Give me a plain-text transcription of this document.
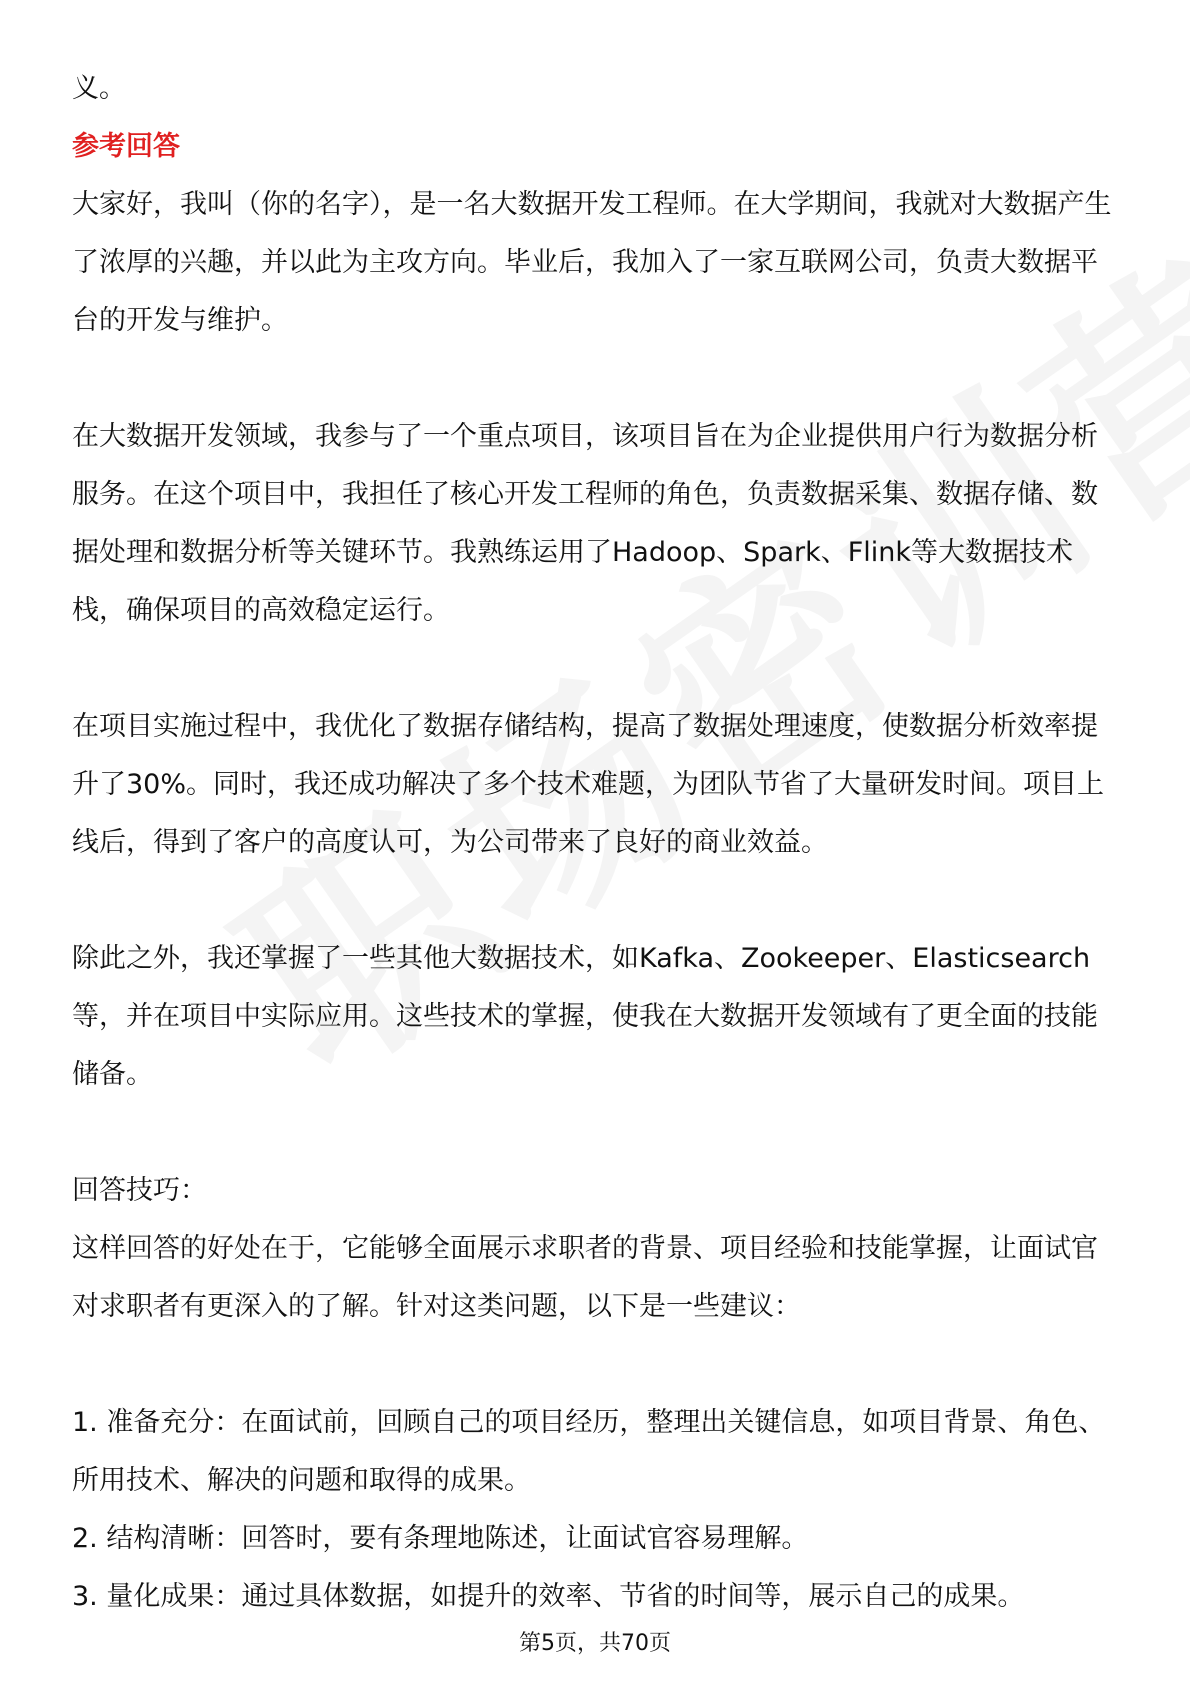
义。

参考回答

大家好，我叫（你的名字），是一名大数据开发工程师。在大学期间，我就对大数据产生了浓厚的兴趣，并以此为主攻方向。毕业后，我加入了一家互联网公司，负责大数据平台的开发与维护。

在大数据开发领域，我参与了一个重点项目，该项目旨在为企业提供用户行为数据分析服务。在这个项目中，我担任了核心开发工程师的角色，负责数据采集、数据存储、数据处理和数据分析等关键环节。我熟练运用了Hadoop、Spark、Flink等大数据技术栈，确保项目的高效稳定运行。

在项目实施过程中，我优化了数据存储结构，提高了数据处理速度，使数据分析效率提升了30%。同时，我还成功解决了多个技术难题，为团队节省了大量研发时间。项目上线后，得到了客户的高度认可，为公司带来了良好的商业效益。

除此之外，我还掌握了一些其他大数据技术，如Kafka、Zookeeper、Elasticsearch等，并在项目中实际应用。这些技术的掌握，使我在大数据开发领域有了更全面的技能储备。

回答技巧：

这样回答的好处在于，它能够全面展示求职者的背景、项目经验和技能掌握，让面试官对求职者有更深入的了解。针对这类问题，以下是一些建议：

1. 准备充分：在面试前，回顾自己的项目经历，整理出关键信息，如项目背景、角色、所用技术、解决的问题和取得的成果。

2. 结构清晰：回答时，要有条理地陈述，让面试官容易理解。

3. 量化成果：通过具体数据，如提升的效率、节省的时间等，展示自己的成果。

第5页，共70页
